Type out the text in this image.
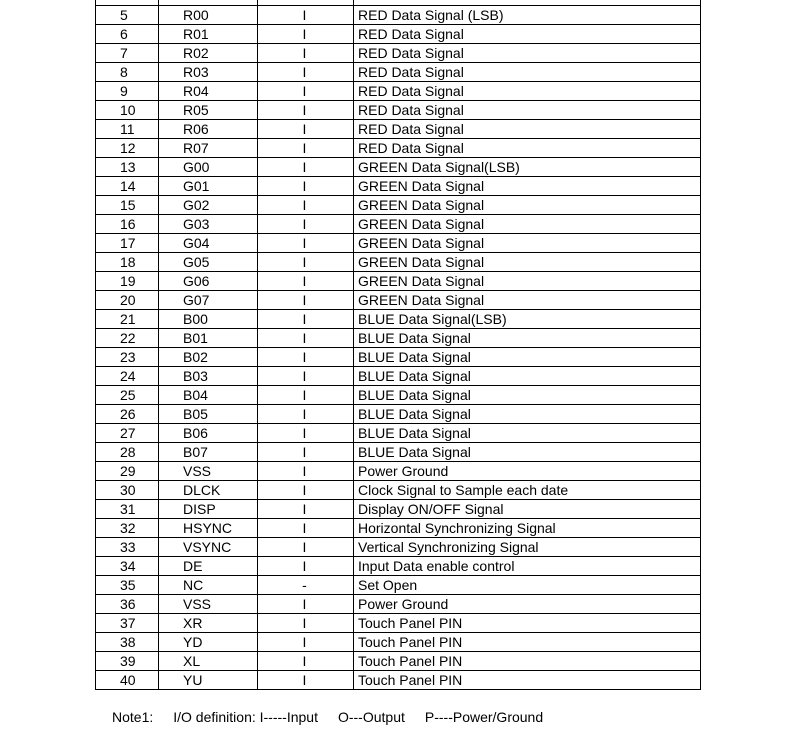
5	R00	I	RED Data Signal (LSB)
6	R01	I	RED Data Signal
7	R02	I	RED Data Signal
8	R03	I	RED Data Signal
9	R04	I	RED Data Signal
10	R05	I	RED Data Signal
11	R06	I	RED Data Signal
12	R07	I	RED Data Signal
13	G00	I	GREEN Data Signal(LSB)
14	G01	I	GREEN Data Signal
15	G02	I	GREEN Data Signal
16	G03	I	GREEN Data Signal
17	G04	I	GREEN Data Signal
18	G05	I	GREEN Data Signal
19	G06	I	GREEN Data Signal
20	G07	I	GREEN Data Signal
21	B00	I	BLUE Data Signal(LSB)
22	B01	I	BLUE Data Signal
23	B02	I	BLUE Data Signal
24	B03	I	BLUE Data Signal
25	B04	I	BLUE Data Signal
26	B05	I	BLUE Data Signal
27	B06	I	BLUE Data Signal
28	B07	I	BLUE Data Signal
29	VSS	I	Power Ground
30	DLCK	I	Clock Signal to Sample each date
31	DISP	I	Display ON/OFF Signal
32	HSYNC	I	Horizontal Synchronizing Signal
33	VSYNC	I	Vertical Synchronizing Signal
34	DE	I	Input Data enable control
35	NC	-	Set Open
36	VSS	I	Power Ground
37	XR	I	Touch Panel PIN
38	YD	I	Touch Panel PIN
39	XL	I	Touch Panel PIN
40	YU	I	Touch Panel PIN
Note1: I/O definition: I-----Input O---Output P----Power/Ground
